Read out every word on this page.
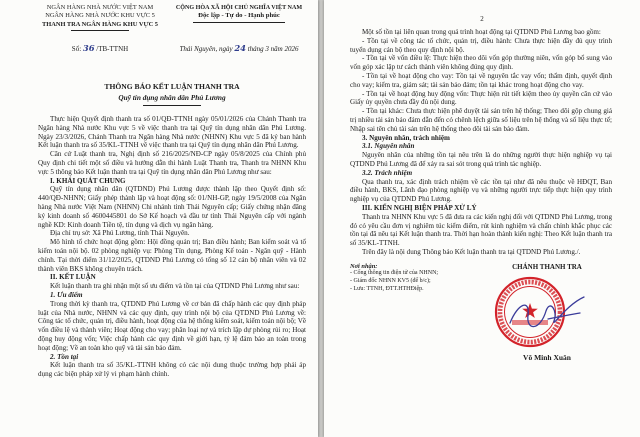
NGÂN HÀNG NHÀ NƯỚC VIỆT NAM
NGÂN HÀNG NHÀ NƯỚC KHU VỰC 5
THANH TRA NGÂN HÀNG KHU VỰC 5
CỘNG HÒA XÃ HỘI CHỦ NGHĨA VIỆT NAM
Độc lập - Tự do - Hạnh phúc
Số: 36 /TB-TTNH	Thái Nguyên, ngày 24 tháng 3 năm 2026
THÔNG BÁO KẾT LUẬN THANH TRA
Quỹ tín dụng nhân dân Phú Lương

Thực hiện Quyết định thanh tra số 01/QĐ-TTNH ngày 05/01/2026 của Chánh Thanh tra Ngân hàng Nhà nước Khu vực 5 về việc thanh tra tại Quỹ tín dụng nhân dân Phú Lương. Ngày 23/3/2026, Chánh Thanh tra Ngân hàng Nhà nước (NHNN) Khu vực 5 đã ký ban hành Kết luận thanh tra số 35/KL-TTNH về việc thanh tra tại Quỹ tín dụng nhân dân Phú Lương.

Căn cứ Luật thanh tra, Nghị định số 216/2025/NĐ-CP ngày 05/8/2025 của Chính phủ Quy định chi tiết một số điều và hướng dẫn thi hành Luật Thanh tra, Thanh tra NHNN Khu vực 5 thông báo Kết luận thanh tra tại Quỹ tín dụng nhân dân Phú Lương như sau:

I. KHÁI QUÁT CHUNG

Quỹ tín dụng nhân dân (QTDND) Phú Lương được thành lập theo Quyết định số: 440/QĐ-NHNN; Giấy phép thành lập và hoạt động số: 01/NH-GP, ngày 19/5/2008 của Ngân hàng Nhà nước Việt Nam (NHNN) Chi nhánh tỉnh Thái Nguyên cấp; Giấy chứng nhận đăng ký kinh doanh số 4600445801 do Sở Kế hoạch và đầu tư tỉnh Thái Nguyên cấp với ngành nghề KD: Kinh doanh Tiền tệ, tín dụng và dịch vụ ngân hàng.

Địa chỉ trụ sở: Xã Phú Lương, tỉnh Thái Nguyên.

Mô hình tổ chức hoạt động gồm: Hội đồng quản trị; Ban điều hành; Ban kiểm soát và tổ kiểm toán nội bộ. 02 phòng nghiệp vụ: Phòng Tín dụng, Phòng Kế toán - Ngân quỹ - Hành chính. Tại thời điểm 31/12/2025, QTDND Phú Lương có tổng số 12 cán bộ nhân viên và 02 thành viên BKS không chuyên trách.

II. KẾT LUẬN

Kết luận thanh tra ghi nhận một số ưu điểm và tồn tại của QTDND Phú Lương như sau:

1. Ưu điểm

Trong thời kỳ thanh tra, QTDND Phú Lương về cơ bản đã chấp hành các quy định pháp luật của Nhà nước, NHNN và các quy định, quy trình nội bộ của QTDND Phú Lương về: Công tác tổ chức, quản trị, điều hành, hoạt động của hệ thống kiểm soát, kiểm toán nội bộ; Về vốn điều lệ và thành viên; Hoạt động cho vay; phân loại nợ và trích lập dự phòng rủi ro; Hoạt động huy động vốn; Việc chấp hành các quy định về giới hạn, tỷ lệ đảm bảo an toàn trong hoạt động; Về an toàn kho quỹ và tài sản bảo đảm.

2. Tồn tại

Kết luận thanh tra số 35/KL-TTNH không có các nội dung thuộc trường hợp phải áp dụng các biện pháp xử lý vi phạm hành chính.

2

Một số tồn tại liên quan trong quá trình hoạt động tại QTDND Phú Lương bao gồm:

- Tồn tại về công tác tổ chức, quản trị, điều hành: Chưa thực hiện đầy đủ quy trình tuyển dụng cán bộ theo quy định nội bộ.

- Tồn tại về vốn điều lệ: Thực hiện theo dõi vốn góp thường niên, vốn góp bổ sung vào vốn góp xác lập tư cách thành viên không đúng quy định.

- Tồn tại về hoạt động cho vay: Tồn tại về nguyên tắc vay vốn; thẩm định, quyết định cho vay; kiểm tra, giám sát; tài sản bảo đảm; tồn tại khác trong hoạt động cho vay.

- Tồn tại về hoạt động huy động vốn: Thực hiện rút tiết kiệm theo ủy quyền căn cứ vào Giấy ủy quyền chưa đầy đủ nội dung.

- Tồn tại khác: Chưa thực hiện phê duyệt tài sản trên hệ thống; Theo dõi gộp chung giá trị nhiều tài sản bảo đảm dẫn đến có chênh lệch giữa số liệu trên hệ thống và số liệu thực tế; Nhập sai tên chủ tài sản trên hệ thống theo dõi tài sản bảo đảm.

3. Nguyên nhân, trách nhiệm

3.1. Nguyên nhân

Nguyên nhân của những tồn tại nêu trên là do những người thực hiện nghiệp vụ tại QTDND Phú Lương đã để xảy ra sai sót trong quá trình tác nghiệp.

3.2. Trách nhiệm

Qua thanh tra, xác định trách nhiệm về các tồn tại như đã nêu thuộc về HĐQT, Ban điều hành, BKS, Lãnh đạo phòng nghiệp vụ và những người trực tiếp thực hiện quy trình nghiệp vụ của QTDND Phú Lương.

III. KIẾN NGHỊ BIỆN PHÁP XỬ LÝ

Thanh tra NHNN Khu vực 5 đã đưa ra các kiến nghị đối với QTDND Phú Lương, trong đó có yêu cầu đơn vị nghiêm túc kiểm điểm, rút kinh nghiệm và chấn chỉnh khắc phục các tồn tại đã nêu tại Kết luận thanh tra. Thời hạn hoàn thành kiến nghị: Theo Kết luận thanh tra số 35/KL-TTNH.

Trên đây là nội dung Thông báo Kết luận thanh tra tại QTDND Phú Lương./.

Nơi nhận:
- Cổng thông tin điện tử của NHNN;
- Giám đốc NHNN KV5 (để b/c);
- Lưu: TTNH, ĐTT.HTHĐiệp.
CHÁNH THANH TRA
Võ Minh Xuân
